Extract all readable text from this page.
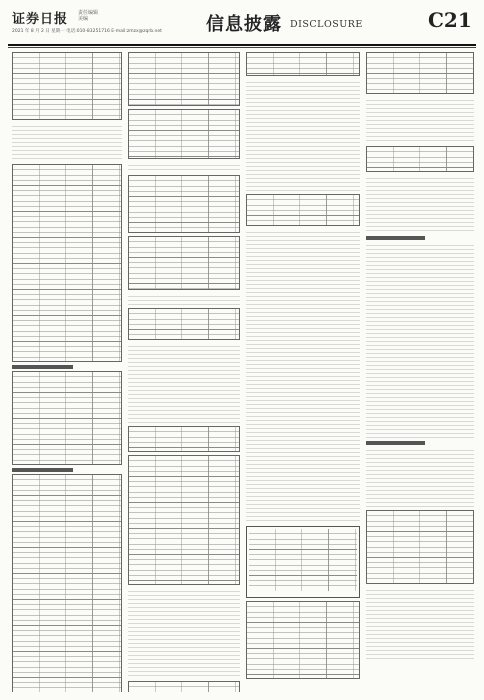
证券日报 责任编辑
美编
2021 年 8 月 2 日 星期一 电话:010-83251716 E-mail:zmzx@zqrb.net 信息披露 DISCLOSURE	C21
